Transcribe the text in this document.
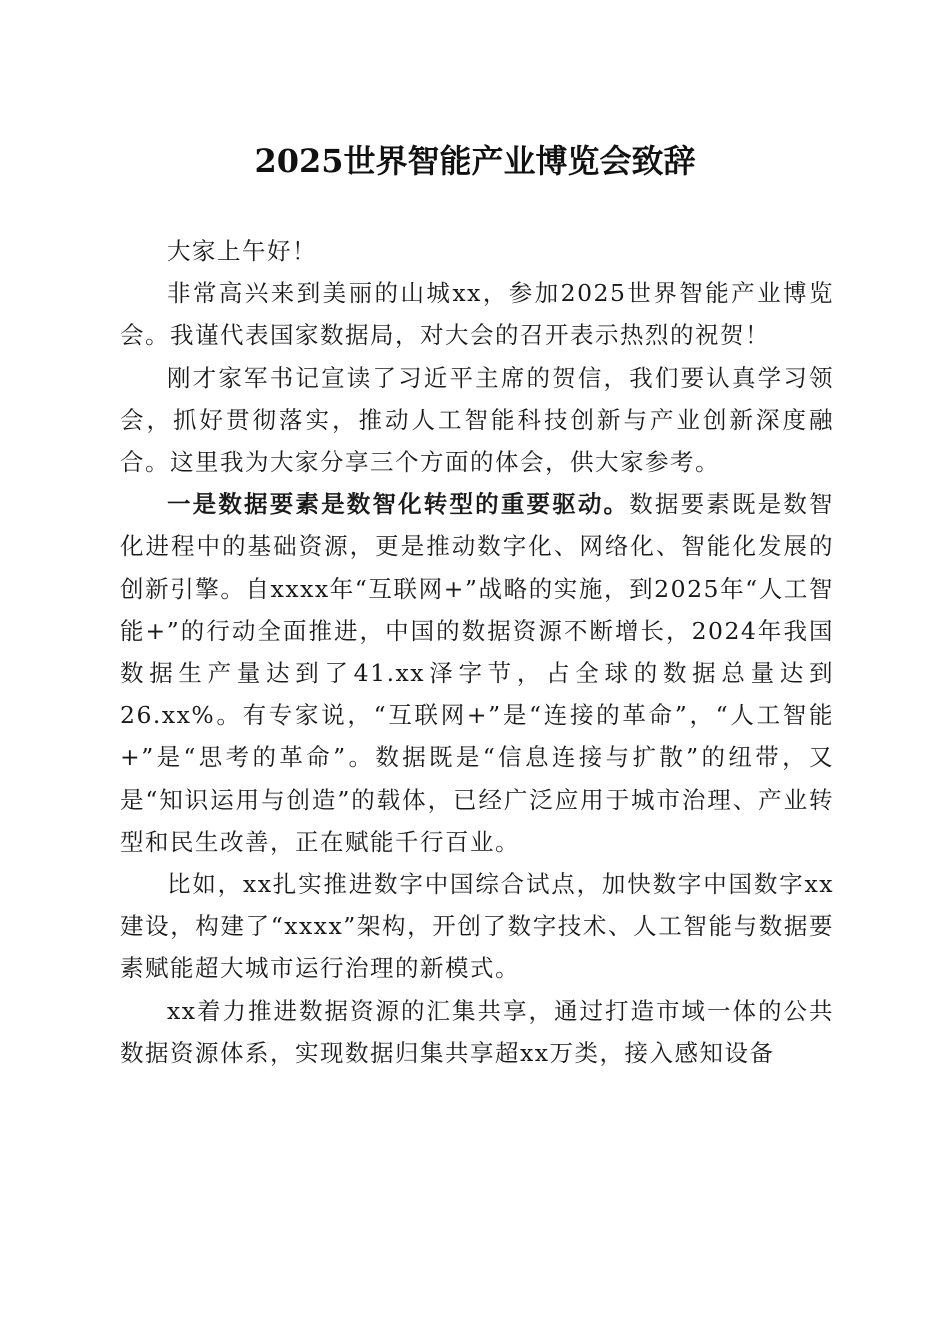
2025世界智能产业博览会致辞

大家上午好！

非常高兴来到美丽的山城xx，参加2025世界智能产业博览会。我谨代表国家数据局，对大会的召开表示热烈的祝贺！

刚才家军书记宣读了习近平主席的贺信，我们要认真学习领会，抓好贯彻落实，推动人工智能科技创新与产业创新深度融合。这里我为大家分享三个方面的体会，供大家参考。

一是数据要素是数智化转型的重要驱动。数据要素既是数智化进程中的基础资源，更是推动数字化、网络化、智能化发展的创新引擎。自xxxx年“互联网+”战略的实施，到2025年“人工智能+”的行动全面推进，中国的数据资源不断增长，2024年我国数据生产量达到了41.xx泽字节，占全球的数据总量达到26.xx%。有专家说，“互联网+”是“连接的革命”，“人工智能+”是“思考的革命”。数据既是“信息连接与扩散”的纽带，又是“知识运用与创造”的载体，已经广泛应用于城市治理、产业转型和民生改善，正在赋能千行百业。

比如，xx扎实推进数字中国综合试点，加快数字中国数字xx建设，构建了“xxxx”架构，开创了数字技术、人工智能与数据要素赋能超大城市运行治理的新模式。

xx着力推进数据资源的汇集共享，通过打造市域一体的公共数据资源体系，实现数据归集共享超xx万类，接入感知设备
